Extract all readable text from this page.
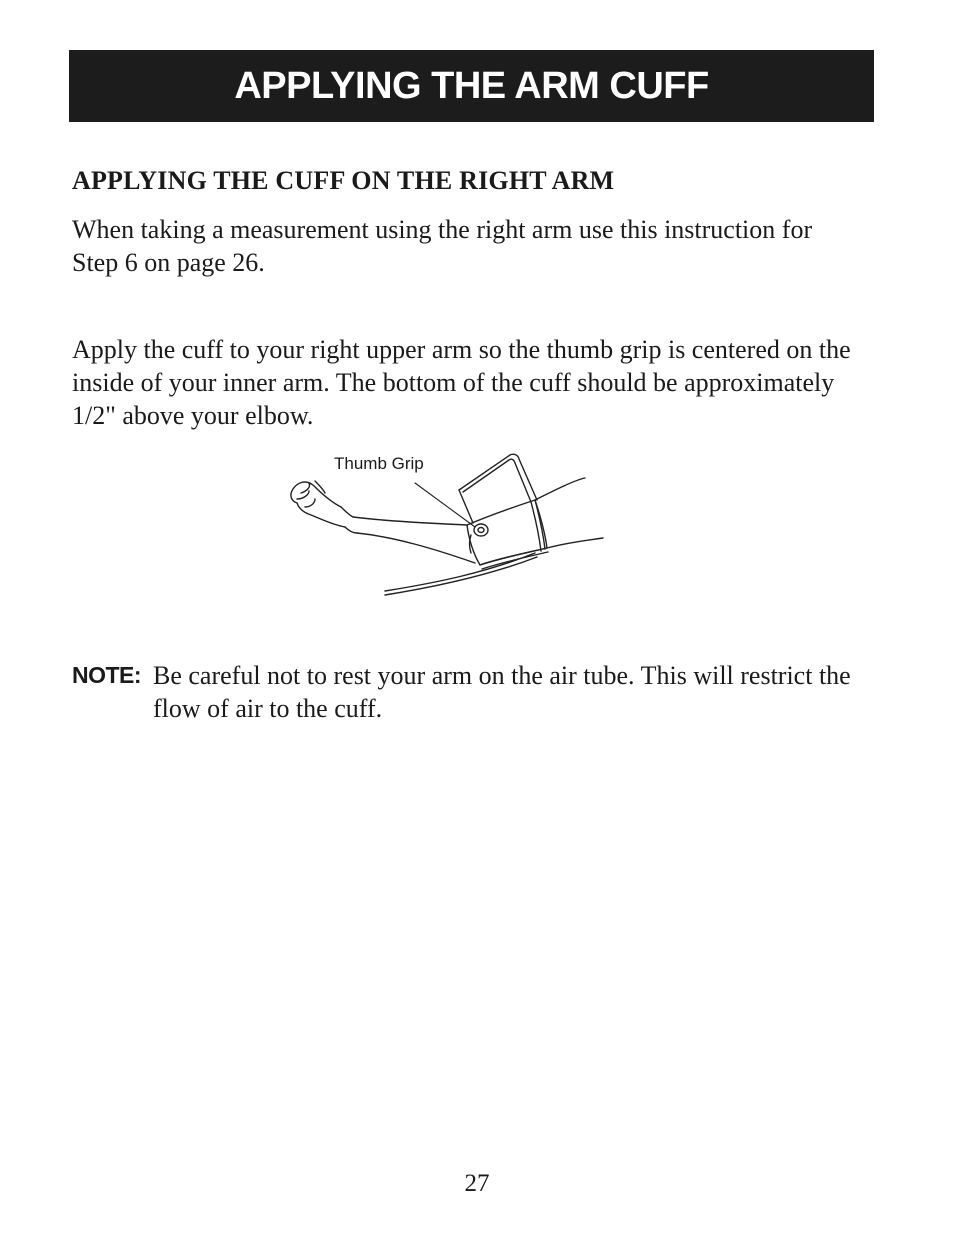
APPLYING THE ARM CUFF
APPLYING THE CUFF ON THE RIGHT ARM
When taking a measurement using the right arm use this instruction for Step 6 on page 26.
Apply the cuff to your right upper arm so the thumb grip is centered on the inside of your inner arm. The bottom of the cuff should be approximately 1/2" above your elbow.
Thumb Grip
NOTE: Be careful not to rest your arm on the air tube. This will restrict the flow of air to the cuff.
27
